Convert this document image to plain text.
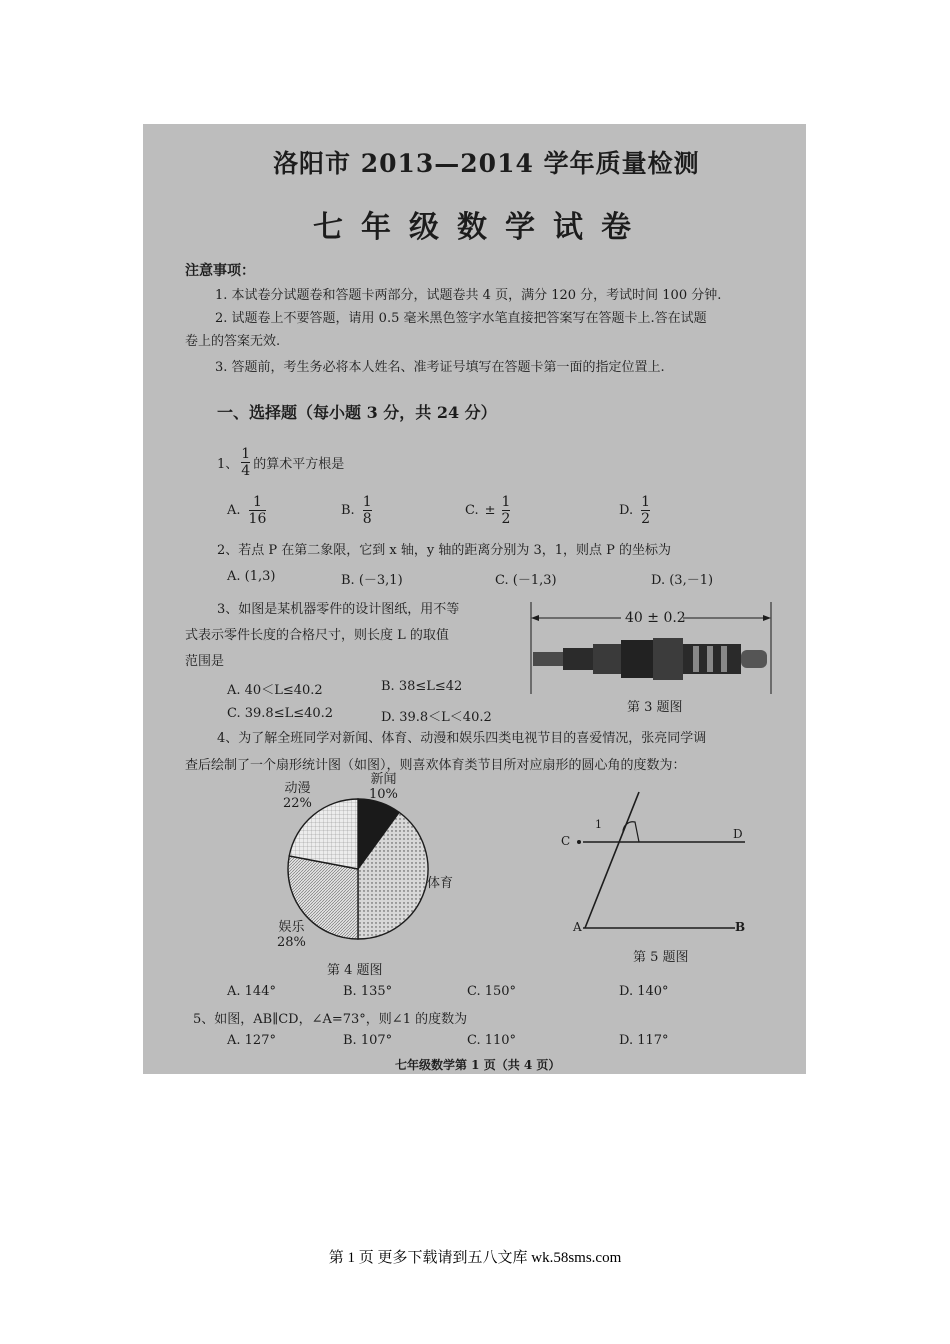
洛阳市 2013—2014 学年质量检测
七年级数学试卷
注意事项：
1. 本试卷分试题卷和答题卡两部分，试题卷共 4 页，满分 120 分，考试时间 100 分钟.
2. 试题卷上不要答题，请用 0.5 毫米黑色签字水笔直接把答案写在答题卡上.答在试题
卷上的答案无效.
3. 答题前，考生务必将本人姓名、准考证号填写在答题卡第一面的指定位置上.
一、选择题（每小题 3 分，共 24 分）
1、 $\frac{1}{4}$ 的算术平方根是
A. $\frac{1}{16}$	B. $\frac{1}{8}$	C. ± $\frac{1}{2}$	D. $\frac{1}{2}$
2、若点 P 在第二象限，它到 x 轴，y 轴的距离分别为 3，1，则点 P 的坐标为
A. (1,3)	B. (－3,1)	C. (－1,3)	D. (3,－1)
3、如图是某机器零件的设计图纸，用不等
式表示零件长度的合格尺寸，则长度 L 的取值
范围是
A. 40＜L≤40.2	B. 38≤L≤42
C. 39.8≤L≤40.2	D. 39.8＜L＜40.2
40 ± 0.2
第 3 题图
4、为了解全班同学对新闻、体育、动漫和娱乐四类电视节目的喜爱情况，张亮同学调
查后绘制了一个扇形统计图（如图），则喜欢体育类节目所对应扇形的圆心角的度数为：
新闻
10%
动漫
22%
体育
娱乐
28%
第 4 题图
C	D
A	B
1
第 5 题图
A. 144°	B. 135°	C. 150°	D. 140°
5、如图，AB∥CD，∠A=73°，则∠1 的度数为
A. 127°	B. 107°	C. 110°	D. 117°
七年级数学第 1 页（共 4 页）
第 1 页 更多下载请到五八文库 wk.58sms.com
